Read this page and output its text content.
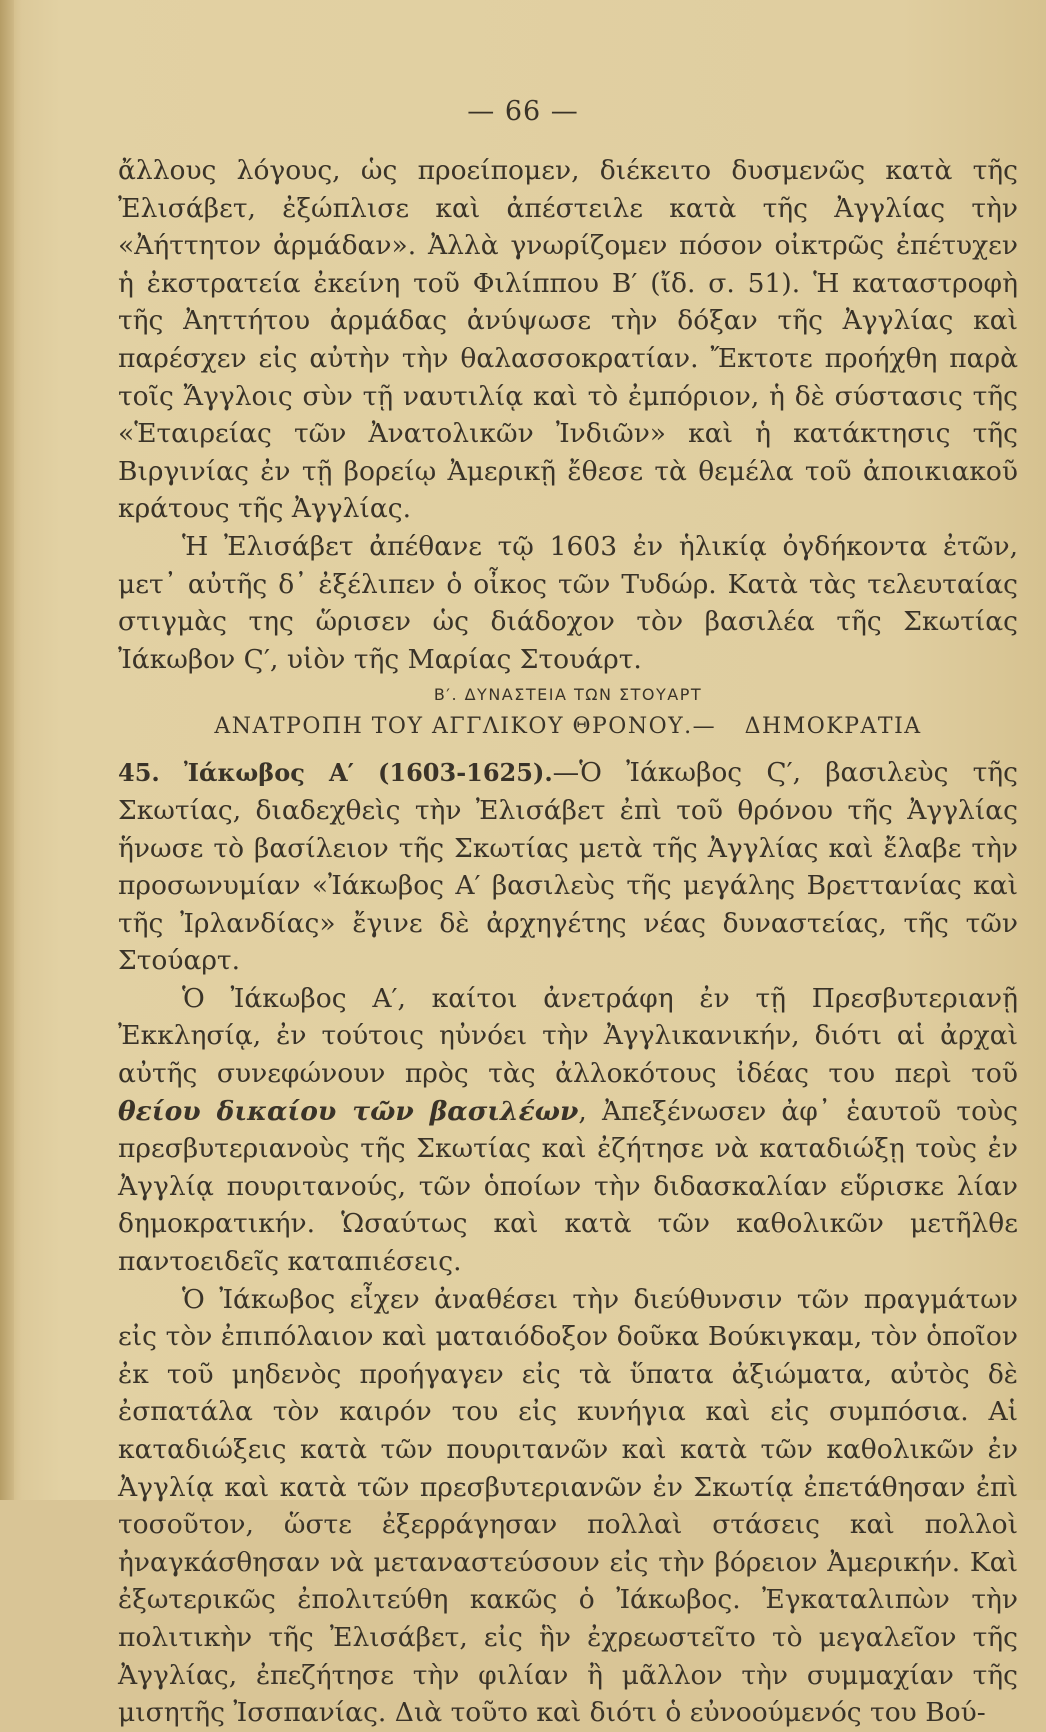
— 66 —

ἄλλους λόγους, ὡς προείπομεν, διέκειτο δυσμενῶς κατὰ τῆς Ἐλισάβετ, ἐξώπλισε καὶ ἀπέστειλε κατὰ τῆς Ἀγγλίας τὴν «Ἀήττητον ἀρμάδαν». Ἀλλὰ γνωρίζομεν πόσον οἰκτρῶς ἐπέτυχεν ἡ ἐκστρατεία ἐκείνη τοῦ Φιλίππου Β′ (ἴδ. σ. 51). Ἡ καταστροφὴ τῆς Ἀηττήτου ἀρμάδας ἀνύψωσε τὴν δόξαν τῆς Ἀγγλίας καὶ παρέσχεν εἰς αὐτὴν τὴν θαλασσοκρατίαν. Ἔκτοτε προήχθη παρὰ τοῖς Ἄγγλοις σὺν τῇ ναυτιλίᾳ καὶ τὸ ἐμπόριον, ἡ δὲ σύστασις τῆς «Ἑταιρείας τῶν Ἀνατολικῶν Ἰνδιῶν» καὶ ἡ κατάκτησις τῆς Βιργινίας ἐν τῇ βορείῳ Ἀμερικῇ ἔθεσε τὰ θεμέλα τοῦ ἀποικιακοῦ κράτους τῆς Ἀγγλίας.

Ἡ Ἐλισάβετ ἀπέθανε τῷ 1603 ἐν ἡλικίᾳ ὀγδήκοντα ἐτῶν, μετ᾽ αὐτῆς δ᾽ ἐξέλιπεν ὁ οἶκος τῶν Τυδώρ. Κατὰ τὰς τελευταίας στιγμὰς της ὥρισεν ὡς διάδοχον τὸν βασιλέα τῆς Σκωτίας Ἰάκωβον Ϛ′, υἱὸν τῆς Μαρίας Στουάρτ.

Β′. ΔΥΝΑΣΤΕΙΑ ΤΩΝ ΣΤΟΥΑΡΤ
ΑΝΑΤΡΟΠΗ ΤΟΥ ΑΓΓΛΙΚΟΥ ΘΡΟΝΟΥ.— ΔΗΜΟΚΡΑΤΙΑ

45. Ἰάκωβος Α′ (1603-1625).—Ὁ Ἰάκωβος Ϛ′, βασιλεὺς τῆς Σκωτίας, διαδεχθεὶς τὴν Ἐλισάβετ ἐπὶ τοῦ θρόνου τῆς Ἀγγλίας ἥνωσε τὸ βασίλειον τῆς Σκωτίας μετὰ τῆς Ἀγγλίας καὶ ἔλαβε τὴν προσωνυμίαν «Ἰάκωβος Α′ βασιλεὺς τῆς μεγάλης Βρεττανίας καὶ τῆς Ἰρλανδίας» ἔγινε δὲ ἀρχηγέτης νέας δυναστείας, τῆς τῶν Στούαρτ.

Ὁ Ἰάκωβος Α′, καίτοι ἀνετράφη ἐν τῇ Πρεσβυτεριανῇ Ἐκκλησίᾳ, ἐν τούτοις ηὐνόει τὴν Ἀγγλικανικήν, διότι αἱ ἀρχαὶ αὐτῆς συνεφώνουν πρὸς τὰς ἀλλοκότους ἰδέας του περὶ τοῦ θείου δικαίου τῶν βασιλέων, Ἀπεξένωσεν ἀφ᾽ ἑαυτοῦ τοὺς πρεσβυτεριανοὺς τῆς Σκωτίας καὶ ἐζήτησε νὰ καταδιώξῃ τοὺς ἐν Ἀγγλίᾳ πουριτανούς, τῶν ὁποίων τὴν διδασκαλίαν εὕρισκε λίαν δημοκρατικήν. Ὡσαύτως καὶ κατὰ τῶν καθολικῶν μετῆλθε παντοειδεῖς καταπιέσεις.

Ὁ Ἰάκωβος εἶχεν ἀναθέσει τὴν διεύθυνσιν τῶν πραγμάτων εἰς τὸν ἐπιπόλαιον καὶ ματαιόδοξον δοῦκα Βούκιγκαμ, τὸν ὁποῖον ἐκ τοῦ μηδενὸς προήγαγεν εἰς τὰ ὕπατα ἀξιώματα, αὐτὸς δὲ ἐσπατάλα τὸν καιρόν του εἰς κυνήγια καὶ εἰς συμπόσια. Αἱ καταδιώξεις κατὰ τῶν πουριτανῶν καὶ κατὰ τῶν καθολικῶν ἐν Ἀγγλίᾳ καὶ κατὰ τῶν πρεσβυτεριανῶν ἐν Σκωτίᾳ ἐπετάθησαν ἐπὶ τοσοῦτον, ὥστε ἐξερράγησαν πολλαὶ στάσεις καὶ πολλοὶ ἠναγκάσθησαν νὰ μεταναστεύσουν εἰς τὴν βόρειον Ἀμερικήν. Καὶ ἐξωτερικῶς ἐπολιτεύθη κακῶς ὁ Ἰάκωβος. Ἐγκαταλιπὼν τὴν πολιτικὴν τῆς Ἐλισάβετ, εἰς ἣν ἐχρεωστεῖτο τὸ μεγαλεῖον τῆς Ἀγγλίας, ἐπεζήτησε τὴν φιλίαν ἢ μᾶλλον τὴν συμμαχίαν τῆς μισητῆς Ἰσσπανίας. Διὰ τοῦτο καὶ διότι ὁ εὐνοούμενός του Βού-
